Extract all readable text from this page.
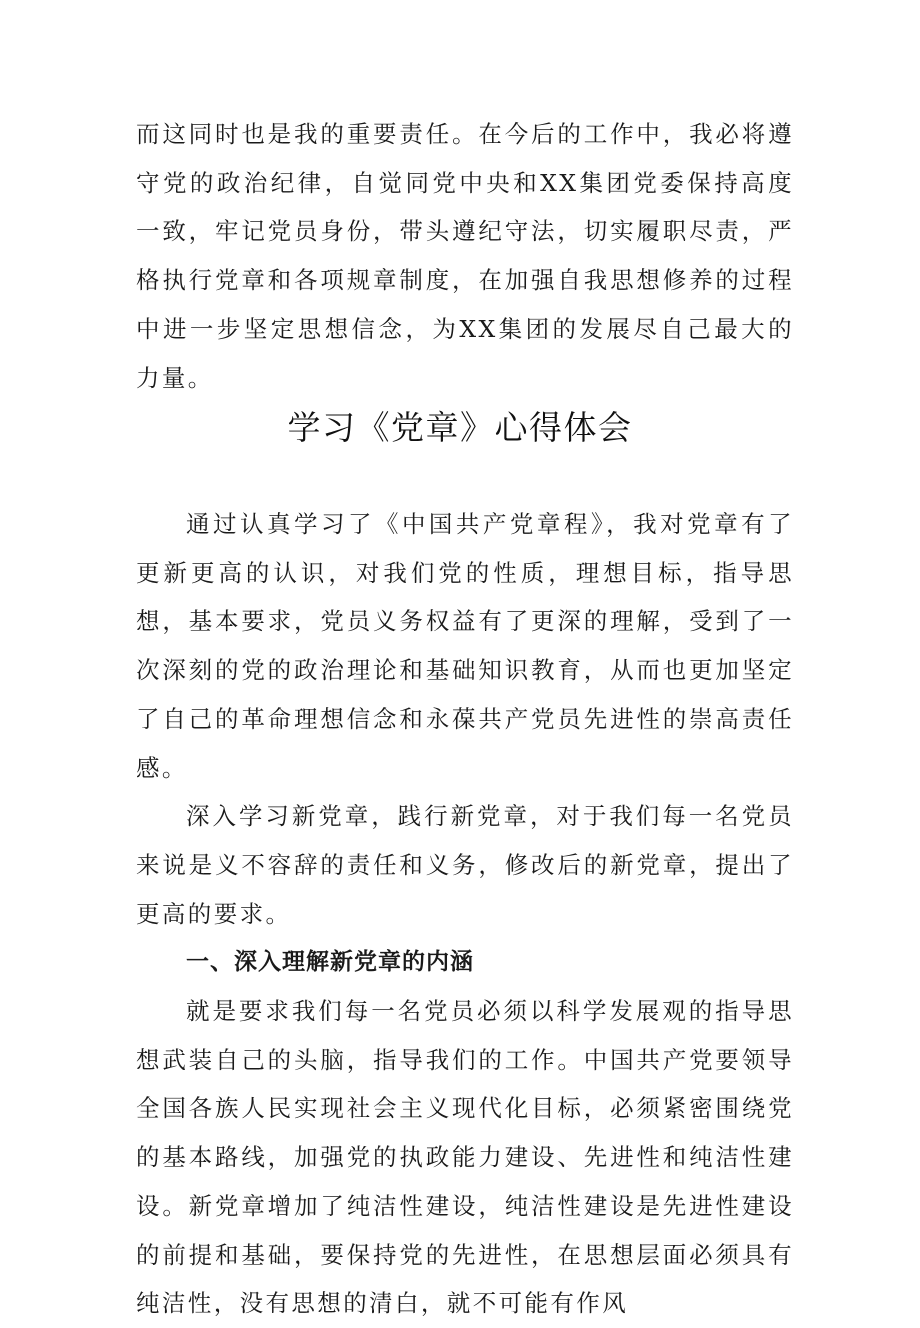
而这同时也是我的重要责任。在今后的工作中，我必将遵守党的政治纪律，自觉同党中央和XX集团党委保持高度一致，牢记党员身份，带头遵纪守法，切实履职尽责，严格执行党章和各项规章制度，在加强自我思想修养的过程中进一步坚定思想信念，为XX集团的发展尽自己最大的力量。

学习《党章》心得体会

通过认真学习了《中国共产党章程》，我对党章有了更新更高的认识，对我们党的性质，理想目标，指导思想，基本要求，党员义务权益有了更深的理解，受到了一次深刻的党的政治理论和基础知识教育，从而也更加坚定了自己的革命理想信念和永葆共产党员先进性的崇高责任感。

深入学习新党章，践行新党章，对于我们每一名党员来说是义不容辞的责任和义务，修改后的新党章，提出了更高的要求。

一、深入理解新党章的内涵

就是要求我们每一名党员必须以科学发展观的指导思想武装自己的头脑，指导我们的工作。中国共产党要领导全国各族人民实现社会主义现代化目标，必须紧密围绕党的基本路线，加强党的执政能力建设、先进性和纯洁性建设。新党章增加了纯洁性建设，纯洁性建设是先进性建设的前提和基础，要保持党的先进性，在思想层面必须具有纯洁性，没有思想的清白，就不可能有作风
